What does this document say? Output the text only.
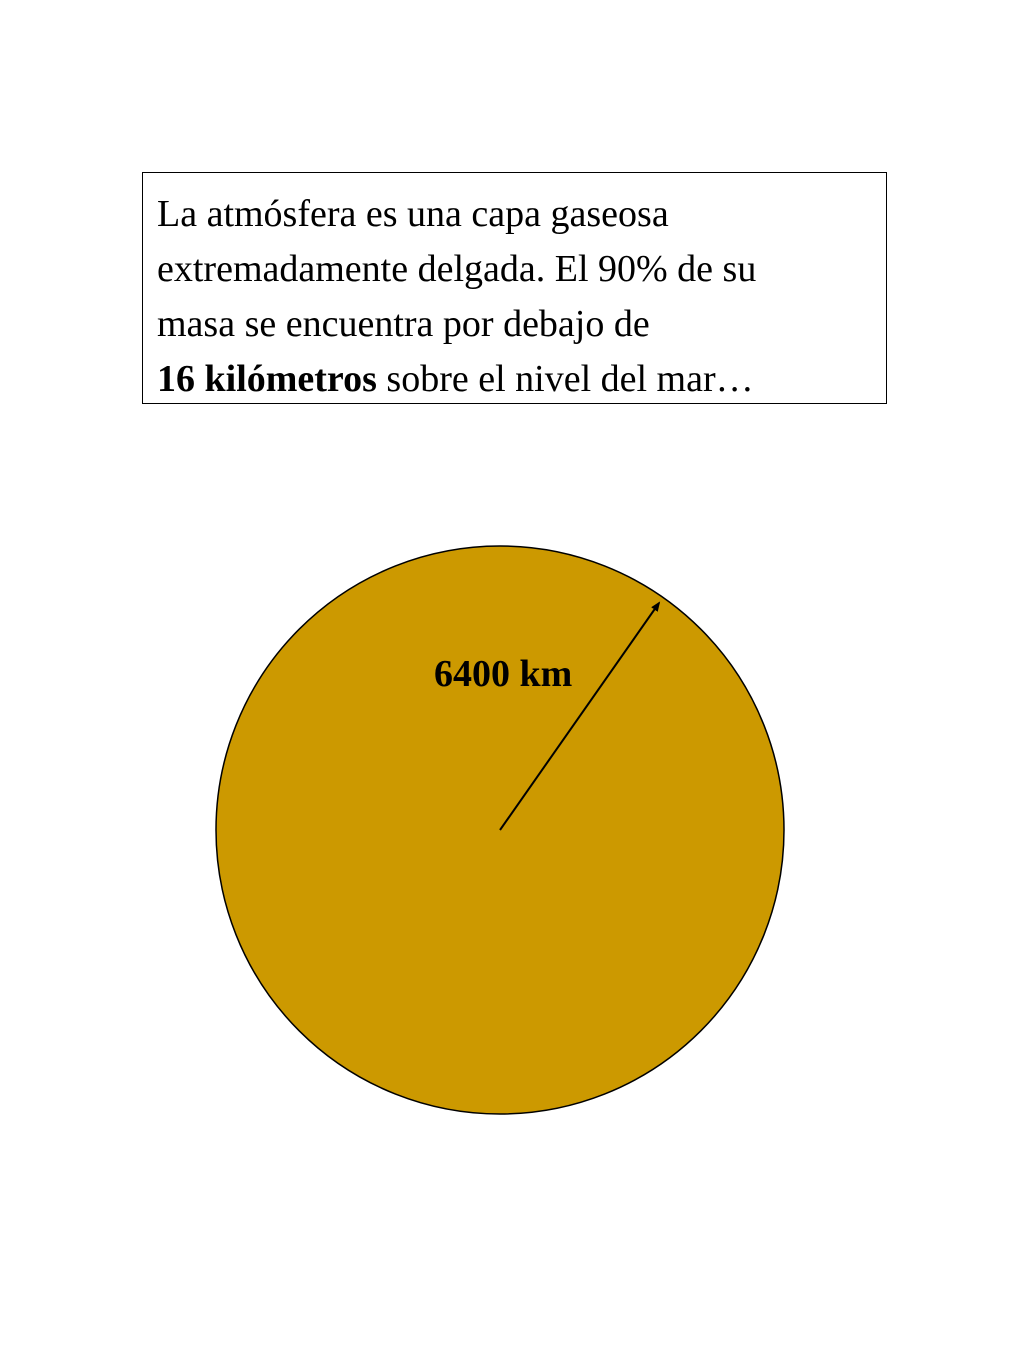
La atmósfera es una capa gaseosa
extremadamente delgada. El 90% de su
masa se encuentra por debajo de
16 kilómetros sobre el nivel del mar…
6400 km
